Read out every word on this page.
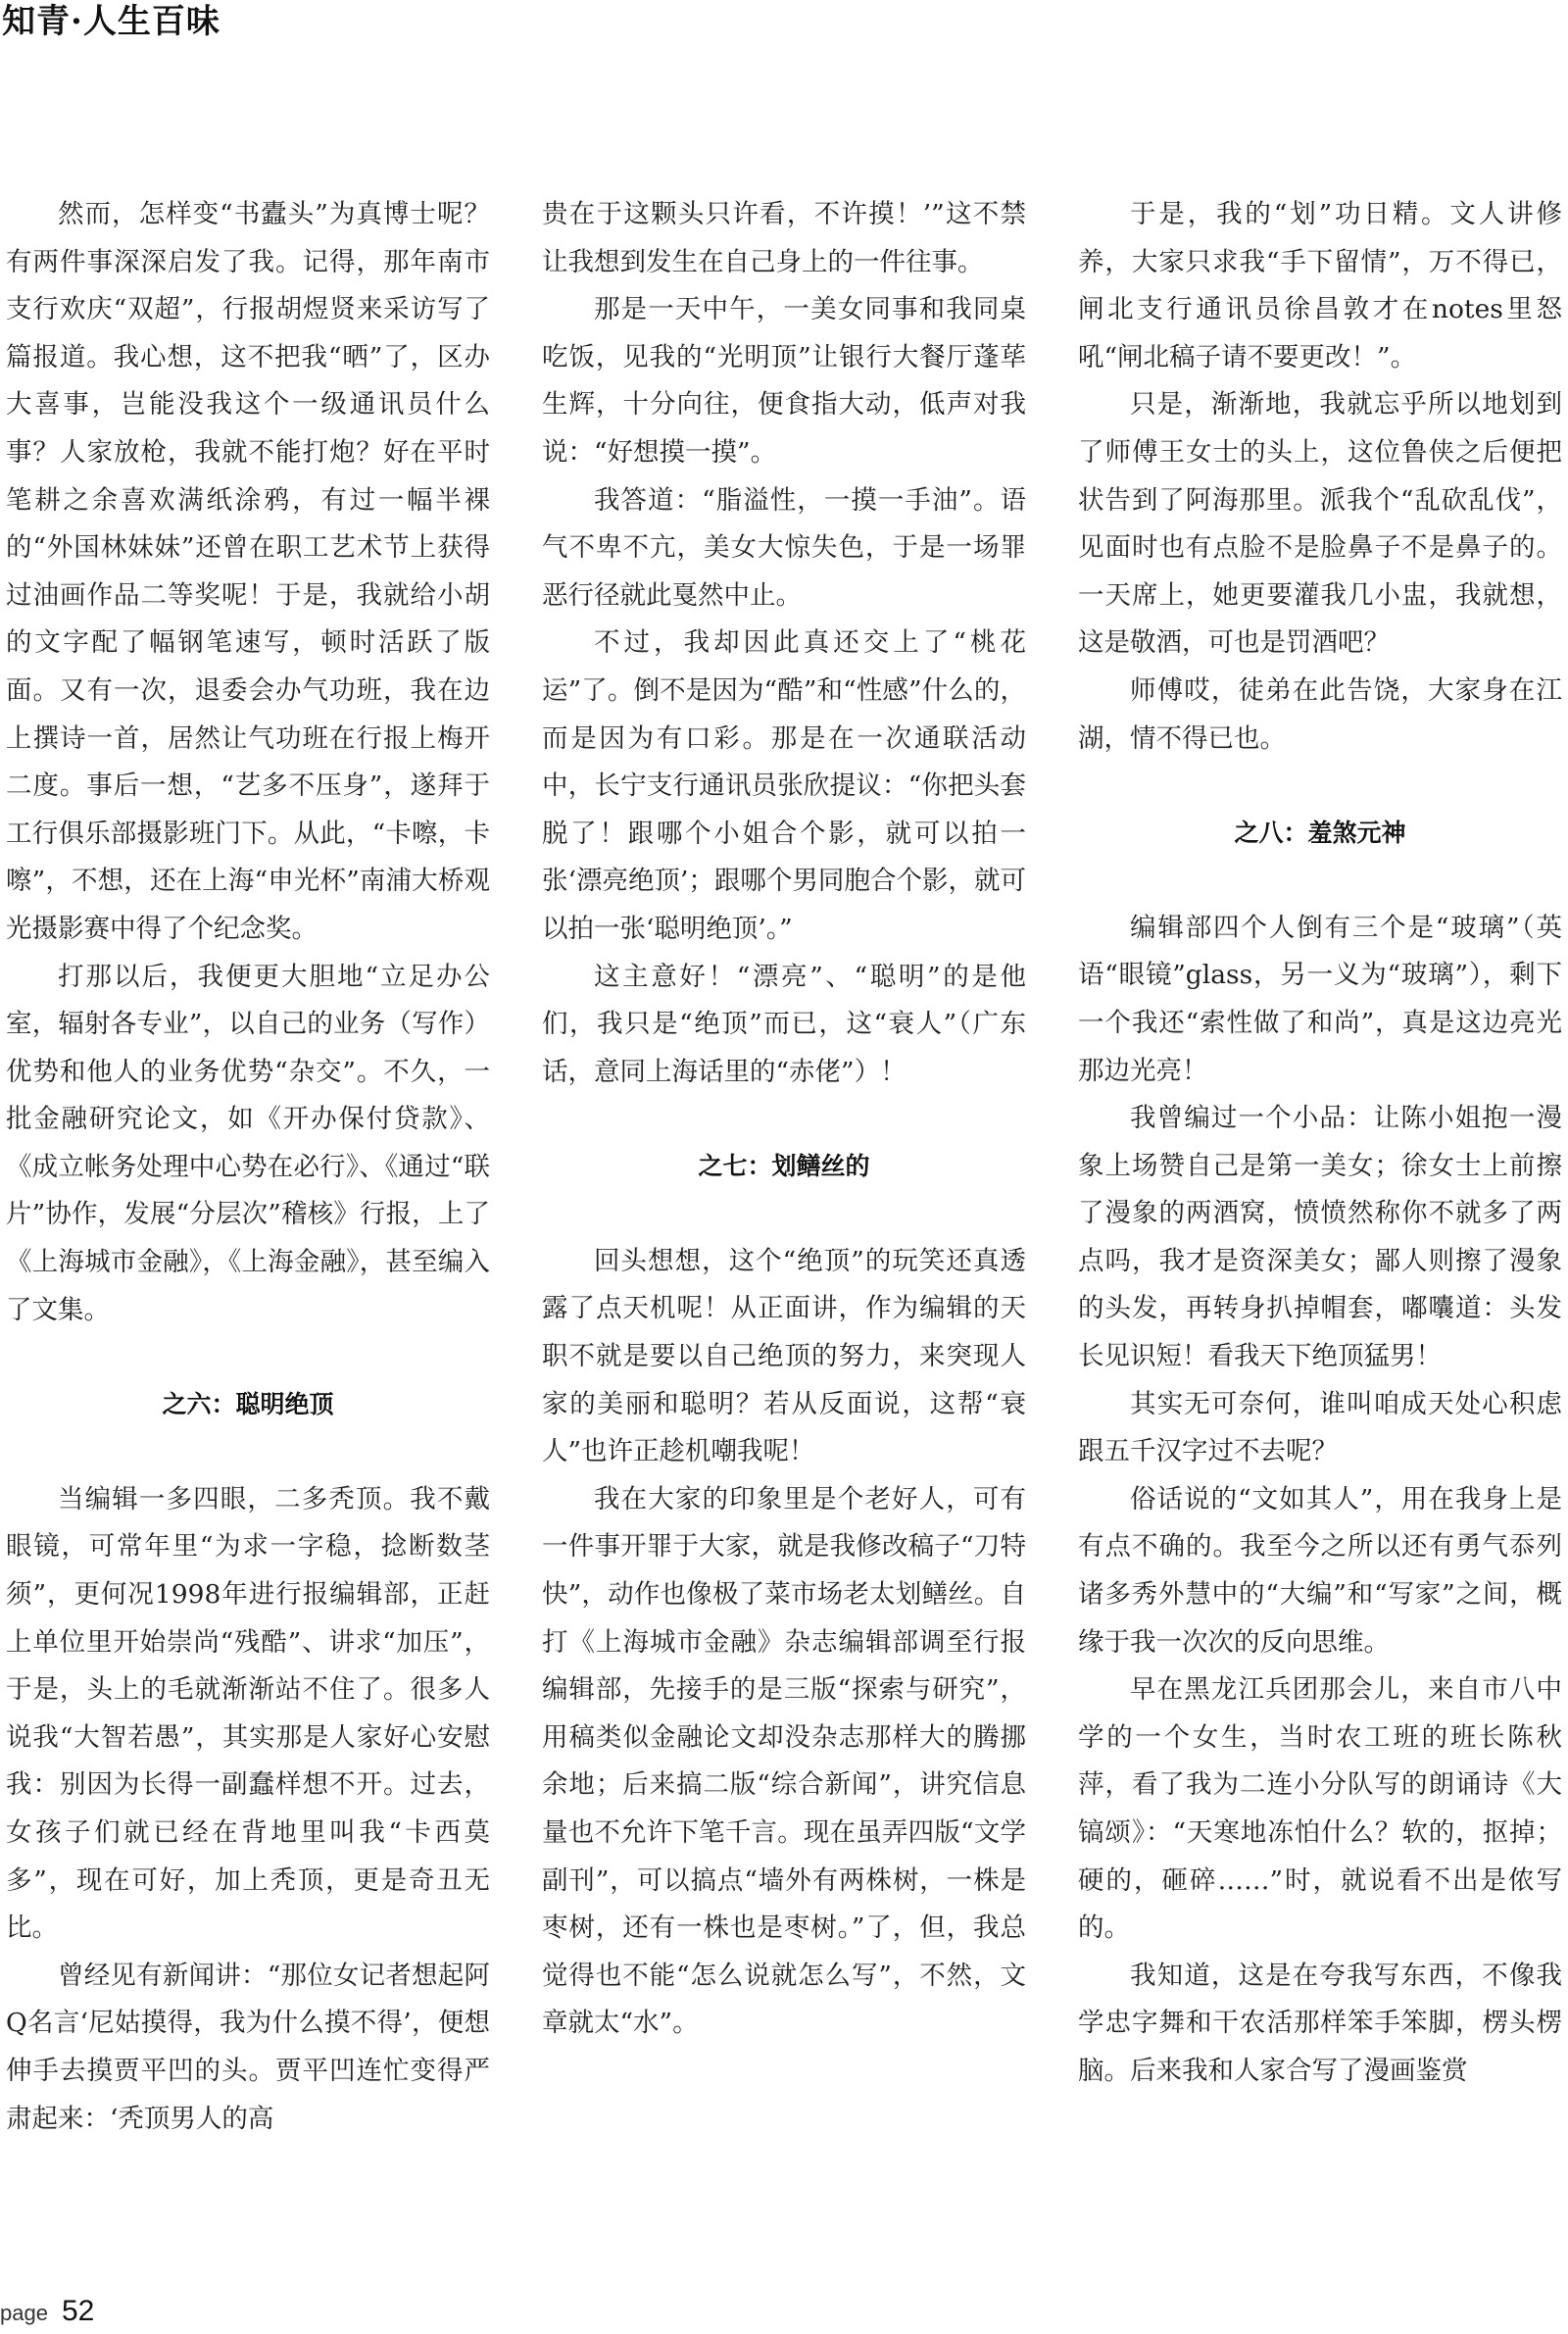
知青·人生百味

然而，怎样变“书蠹头”为真博士呢？有两件事深深启发了我。记得，那年南市支行欢庆“双超”，行报胡煜贤来采访写了篇报道。我心想，这不把我“晒”了，区办大喜事，岂能没我这个一级通讯员什么事？人家放枪，我就不能打炮？好在平时笔耕之余喜欢满纸涂鸦，有过一幅半裸的“外国林妹妹”还曾在职工艺术节上获得过油画作品二等奖呢！于是，我就给小胡的文字配了幅钢笔速写，顿时活跃了版面。又有一次，退委会办气功班，我在边上撰诗一首，居然让气功班在行报上梅开二度。事后一想，“艺多不压身”，遂拜于工行俱乐部摄影班门下。从此，“卡嚓，卡嚓”，不想，还在上海“申光杯”南浦大桥观光摄影赛中得了个纪念奖。

打那以后，我便更大胆地“立足办公室，辐射各专业”，以自己的业务（写作）优势和他人的业务优势“杂交”。不久，一批金融研究论文，如《开办保付贷款》、《成立帐务处理中心势在必行》、《通过“联片”协作，发展“分层次”稽核》行报，上了《上海城市金融》，《上海金融》，甚至编入了文集。

之六：聪明绝顶

当编辑一多四眼，二多秃顶。我不戴眼镜，可常年里“为求一字稳，捻断数茎须”，更何况1998年进行报编辑部，正赶上单位里开始崇尚“残酷”、讲求“加压”，于是，头上的毛就渐渐站不住了。很多人说我“大智若愚”，其实那是人家好心安慰我：别因为长得一副蠢样想不开。过去，女孩子们就已经在背地里叫我“卡西莫多”，现在可好，加上秃顶，更是奇丑无比。

曾经见有新闻讲：“那位女记者想起阿Q名言‘尼姑摸得，我为什么摸不得’，便想伸手去摸贾平凹的头。贾平凹连忙变得严肃起来：‘秃顶男人的高

贵在于这颗头只许看，不许摸！’”这不禁让我想到发生在自己身上的一件往事。

那是一天中午，一美女同事和我同桌吃饭，见我的“光明顶”让银行大餐厅蓬荜生辉，十分向往，便食指大动，低声对我说：“好想摸一摸”。

我答道：“脂溢性，一摸一手油”。语气不卑不亢，美女大惊失色，于是一场罪恶行径就此戛然中止。

不过，我却因此真还交上了“桃花运”了。倒不是因为“酷”和“性感”什么的，而是因为有口彩。那是在一次通联活动中，长宁支行通讯员张欣提议：“你把头套脱了！跟哪个小姐合个影，就可以拍一张‘漂亮绝顶’；跟哪个男同胞合个影，就可以拍一张‘聪明绝顶’。”

这主意好！“漂亮”、“聪明”的是他们，我只是“绝顶”而已，这“衰人”（广东话，意同上海话里的“赤佬”）！

之七：划鳝丝的

回头想想，这个“绝顶”的玩笑还真透露了点天机呢！从正面讲，作为编辑的天职不就是要以自己绝顶的努力，来突现人家的美丽和聪明？若从反面说，这帮“衰人”也许正趁机嘲我呢！

我在大家的印象里是个老好人，可有一件事开罪于大家，就是我修改稿子“刀特快”，动作也像极了菜市场老太划鳝丝。自打《上海城市金融》杂志编辑部调至行报编辑部，先接手的是三版“探索与研究”，用稿类似金融论文却没杂志那样大的腾挪余地；后来搞二版“综合新闻”，讲究信息量也不允许下笔千言。现在虽弄四版“文学副刊”，可以搞点“墙外有两株树，一株是枣树，还有一株也是枣树。”了，但，我总觉得也不能“怎么说就怎么写”，不然，文章就太“水”。

于是，我的“划”功日精。文人讲修养，大家只求我“手下留情”，万不得已，闸北支行通讯员徐昌敦才在notes里怒吼“闸北稿子请不要更改！”。

只是，渐渐地，我就忘乎所以地划到了师傅王女士的头上，这位鲁侠之后便把状告到了阿海那里。派我个“乱砍乱伐”，见面时也有点脸不是脸鼻子不是鼻子的。一天席上，她更要灌我几小盅，我就想，这是敬酒，可也是罚酒吧？

师傅哎，徒弟在此告饶，大家身在江湖，情不得已也。

之八：羞煞元神

编辑部四个人倒有三个是“玻璃”（英语“眼镜”glass，另一义为“玻璃”），剩下一个我还“索性做了和尚”，真是这边亮光那边光亮！

我曾编过一个小品：让陈小姐抱一漫象上场赞自己是第一美女；徐女士上前擦了漫象的两酒窝，愤愤然称你不就多了两点吗，我才是资深美女；鄙人则擦了漫象的头发，再转身扒掉帽套，嘟囔道：头发长见识短！看我天下绝顶猛男！

其实无可奈何，谁叫咱成天处心积虑跟五千汉字过不去呢？

俗话说的“文如其人”，用在我身上是有点不确的。我至今之所以还有勇气忝列诸多秀外慧中的“大编”和“写家”之间，概缘于我一次次的反向思维。

早在黑龙江兵团那会儿，来自市八中学的一个女生，当时农工班的班长陈秋萍，看了我为二连小分队写的朗诵诗《大镐颂》：“天寒地冻怕什么？软的，抠掉；硬的，砸碎……”时，就说看不出是侬写的。

我知道，这是在夸我写东西，不像我学忠字舞和干农活那样笨手笨脚，楞头楞脑。后来我和人家合写了漫画鉴赏

page 52
